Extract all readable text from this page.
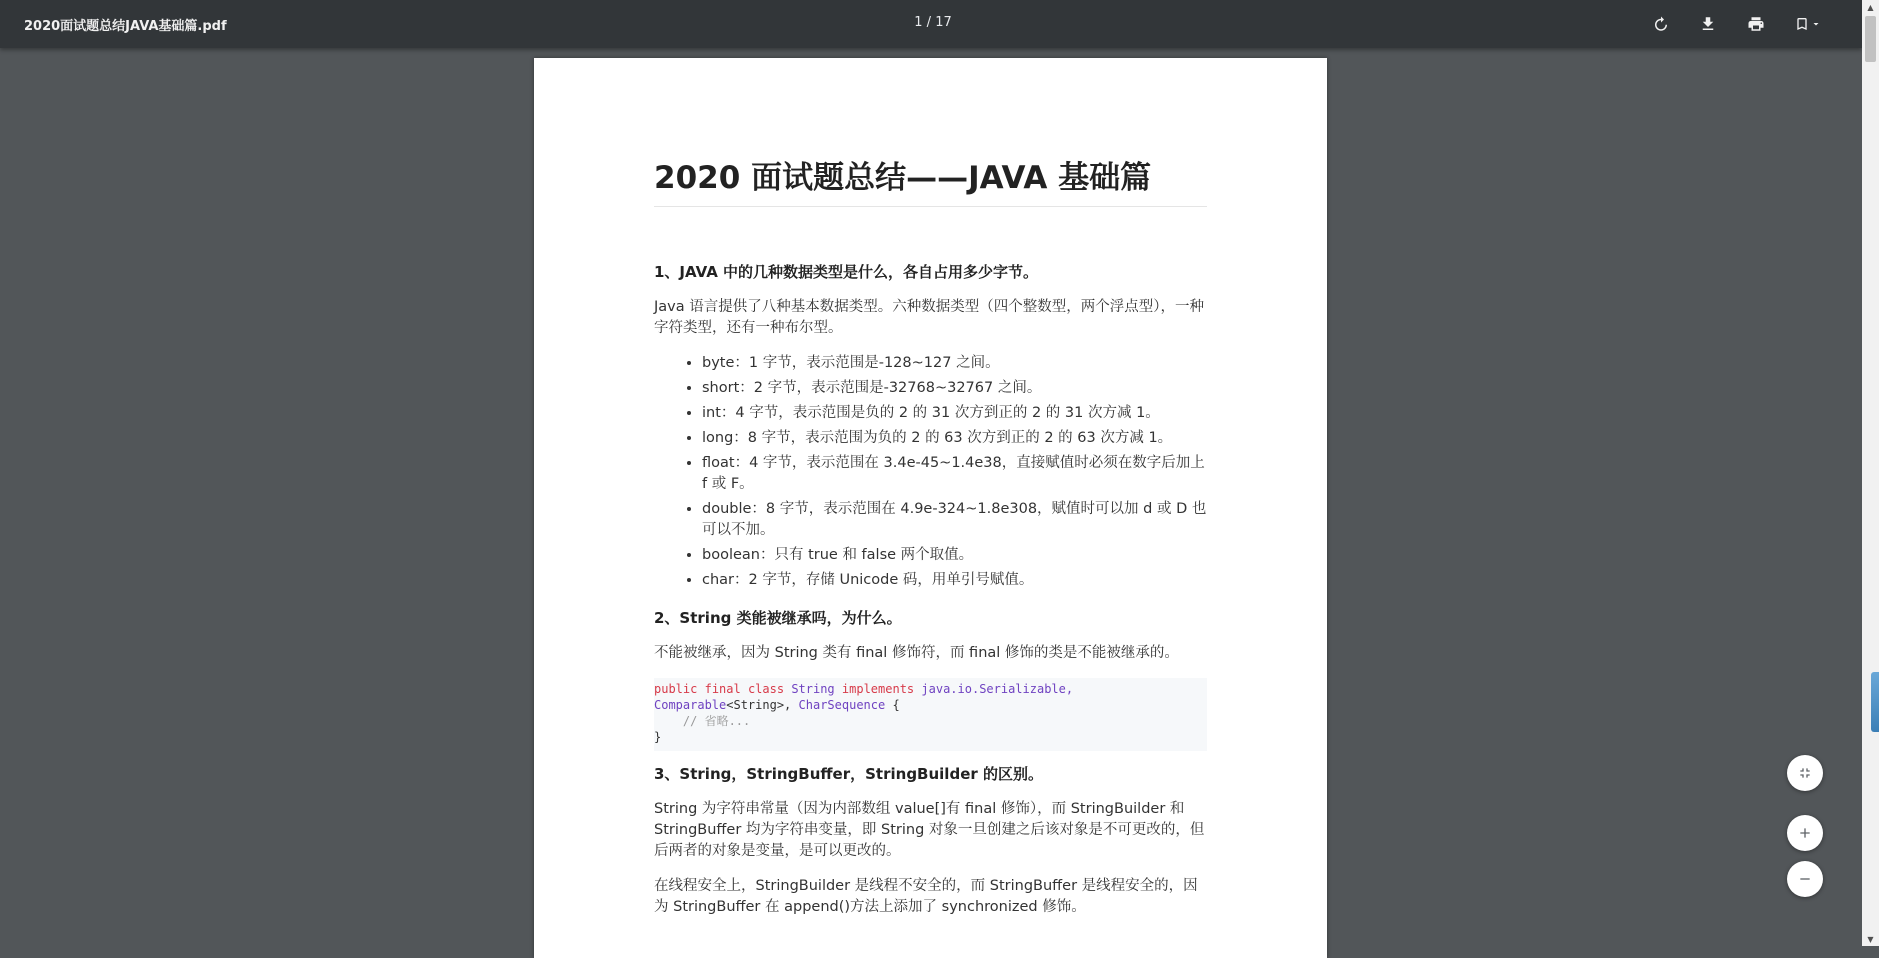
2020面试题总结JAVA基础篇.pdf	1 / 17
2020 面试题总结——JAVA 基础篇
1、JAVA 中的几种数据类型是什么，各自占用多少字节。

Java 语言提供了八种基本数据类型。六种数据类型（四个整数型，两个浮点型），一种字符类型，还有一种布尔型。

• byte：1 字节，表示范围是-128~127 之间。
• short：2 字节，表示范围是-32768~32767 之间。
• int：4 字节，表示范围是负的 2 的 31 次方到正的 2 的 31 次方减 1。
• long：8 字节，表示范围为负的 2 的 63 次方到正的 2 的 63 次方减 1。
• float：4 字节，表示范围在 3.4e-45~1.4e38，直接赋值时必须在数字后加上 f 或 F。
• double：8 字节，表示范围在 4.9e-324~1.8e308，赋值时可以加 d 或 D 也可以不加。
• boolean：只有 true 和 false 两个取值。
• char：2 字节，存储 Unicode 码，用单引号赋值。
2、String 类能被继承吗，为什么。

不能被继承，因为 String 类有 final 修饰符，而 final 修饰的类是不能被继承的。

public final class String implements java.io.Serializable,
Comparable<String>, CharSequence {
// 省略...
}
3、String，StringBuffer，StringBuilder 的区别。

String 为字符串常量（因为内部数组 value[]有 final 修饰），而 StringBuilder 和 StringBuffer 均为字符串变量，即 String 对象一旦创建之后该对象是不可更改的，但后两者的对象是变量，是可以更改的。

在线程安全上，StringBuilder 是线程不安全的，而 StringBuffer 是线程安全的，因为 StringBuffer 在 append()方法上添加了 synchronized 修饰。

▲
▼
